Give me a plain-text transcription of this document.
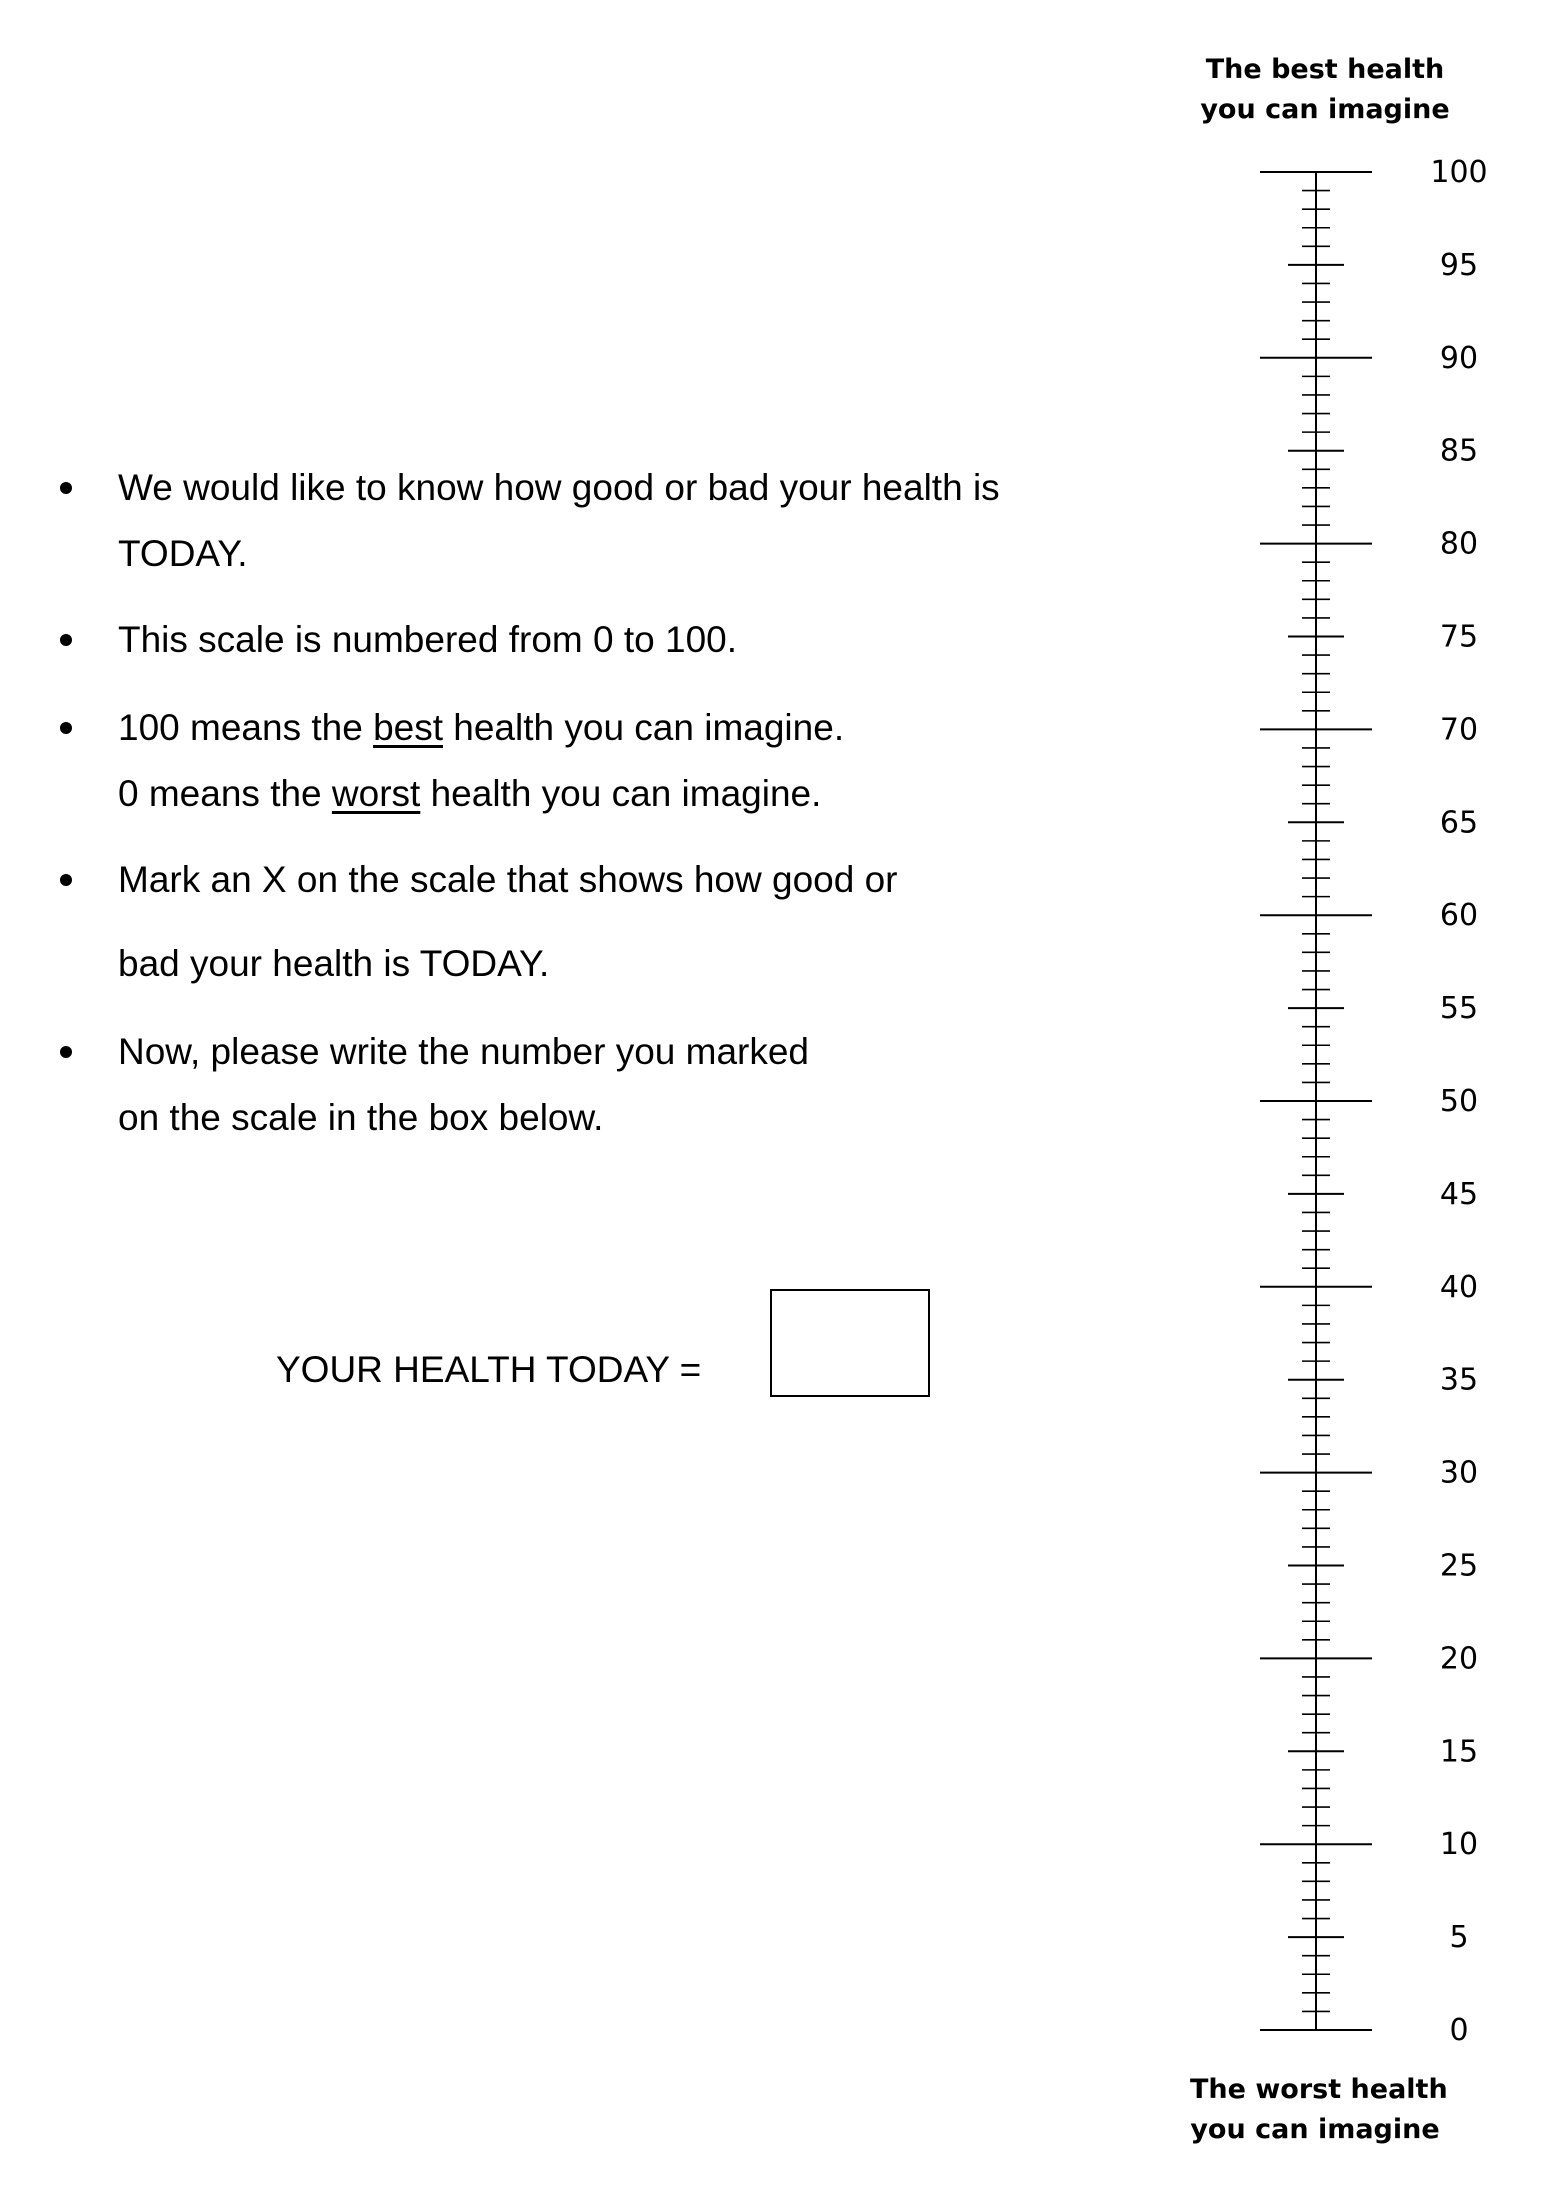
We would like to know how good or bad your health is
TODAY.
This scale is numbered from 0 to 100.
100 means the best health you can imagine.
0 means the worst health you can imagine.
Mark an X on the scale that shows how good or
bad your health is TODAY.
Now, please write the number you marked
on the scale in the box below.
YOUR HEALTH TODAY =
The best health
you can imagine
The worst health
you can imagine
0
5
10
15
20
25
30
35
40
45
50
55
60
65
70
75
80
85
90
95
100
